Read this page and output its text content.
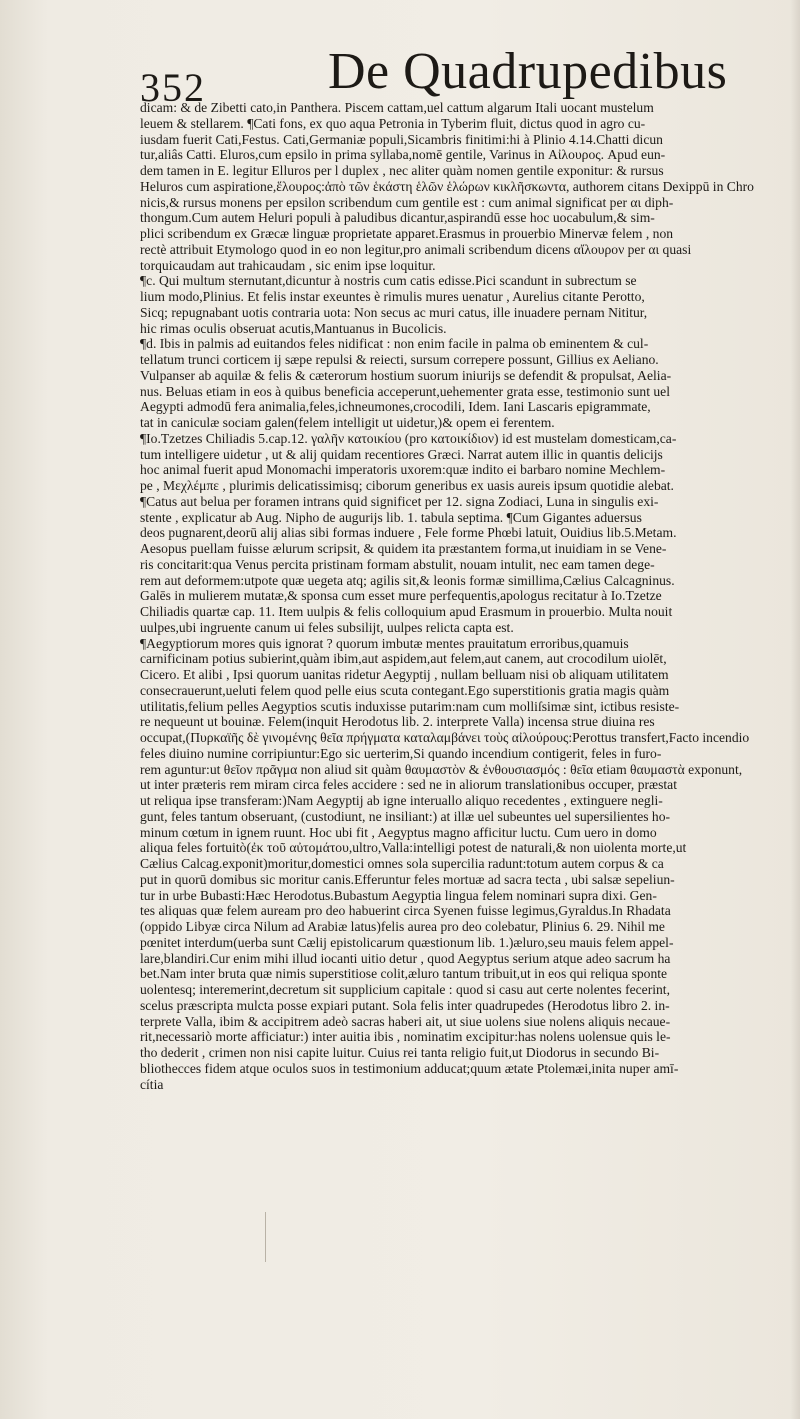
352 De Quadrupedibus
dicam: & de Zibetti cato,in Panthera. Piscem cattam,uel cattum algarum Itali uocant mustelum
leuem & stellarem. ¶Cati fons, ex quo aqua Petronia in Tyberim fluit, dictus quod in agro cu-
iusdam fuerit Cati,Festus. Cati,Germaniæ populi,Sicambris finitimi:hi à Plinio 4.14.Chatti dicun
tur,aliâs Catti. Eluros,cum epsilo in prima syllaba,nomē gentile, Varinus in Αἰλουρος. Apud eun-
dem tamen in E. legitur Elluros per l duplex , nec aliter quàm nomen gentile exponitur: & rursus
Heluros cum aspiratione,ἕλουρος:ἀπὸ τῶν ἑκάστη ἑλῶν ἑλώρων κικλῆσκωντα, authorem citans Dexippū in Chro
nicis,& rursus monens per epsilon scribendum cum gentile est : cum animal significat per αι diph-
thongum.Cum autem Heluri populi à paludibus dicantur,aspirandū esse hoc uocabulum,& sim-
plici scribendum ex Græcæ linguæ proprietate apparet.Erasmus in prouerbio Minervæ felem , non
rectè attribuit Etymologo quod in eo non legitur,pro animali scribendum dicens αἴλουρον per αι quasi
torquicaudam aut trahicaudam , sic enim ipse loquitur.
¶c. Qui multum sternutant,dicuntur à nostris cum catis edisse.Pici scandunt in subrectum se
lium modo,Plinius. Et felis instar exeuntes è rimulis mures uenatur , Aurelius citante Perotto,
Sicq; repugnabant uotis contraria uota: Non secus ac muri catus, ille inuadere pernam Nititur,
hic rimas oculis obseruat acutis,Mantuanus in Bucolicis.
¶d. Ibis in palmis ad euitandos feles nidificat : non enim facile in palma ob eminentem & cul-
tellatum trunci corticem ij sæpe repulsi & reiecti, sursum correpere possunt, Gillius ex Aeliano.
Vulpanser ab aquilæ & felis & cæterorum hostium suorum iniurijs se defendit & propulsat, Aelia-
nus. Beluas etiam in eos à quibus beneficia acceperunt,uehementer grata esse, testimonio sunt uel
Aegypti admodū fera animalia,feles,ichneumones,crocodili, Idem. Iani Lascaris epigrammate,
tat in caniculæ sociam galen(felem intelligit ut uidetur,)& opem ei ferentem.
¶Io.Tzetzes Chiliadis 5.cap.12. γαλῆν κατοικίου (pro κατοικίδιον) id est mustelam domesticam,ca-
tum intelligere uidetur , ut & alij quidam recentiores Græci. Narrat autem illic in quantis delicijs
hoc animal fuerit apud Monomachi imperatoris uxorem:quæ indito ei barbaro nomine Mechlem-
pe , Μεχλέμπε , plurimis delicatissimisq; ciborum generibus ex uasis aureis ipsum quotidie alebat.
¶Catus aut belua per foramen intrans quid significet per 12. signa Zodiaci, Luna in singulis exi-
stente , explicatur ab Aug. Nipho de augurijs lib. 1. tabula septima. ¶Cum Gigantes aduersus
deos pugnarent,deorū alij alias sibi formas induere , Fele forme Phœbi latuit, Ouidius lib.5.Metam.
Aesopus puellam fuisse ælurum scripsit, & quidem ita præstantem forma,ut inuidiam in se Vene-
ris concitarit:qua Venus percita pristinam formam abstulit, nouam intulit, nec eam tamen dege-
rem aut deformem:utpote quæ uegeta atq; agilis sit,& leonis formæ simillima,Cælius Calcagninus.
Galēs in mulierem mutatæ,& sponsa cum esset mure perfequentis,apologus recitatur à Io.Tzetze
Chiliadis quartæ cap. 11. Item uulpis & felis colloquium apud Erasmum in prouerbio. Multa nouit
uulpes,ubi ingruente canum ui feles subsilijt, uulpes relicta capta est.
¶Aegyptiorum mores quis ignorat ? quorum imbutæ mentes prauitatum erroribus,quamuis
carnificinam potius subierint,quàm ibim,aut aspidem,aut felem,aut canem, aut crocodilum uiolēt,
Cicero. Et alibi , Ipsi quorum uanitas ridetur Aegyptij , nullam belluam nisi ob aliquam utilitatem
consecrauerunt,ueluti felem quod pelle eius scuta contegant.Ego superstitionis gratia magis quàm
utilitatis,felium pelles Aegyptios scutis induxisse putarim:nam cum molliſsimæ sint, ictibus resiste-
re nequeunt ut bouinæ. Felem(inquit Herodotus lib. 2. interprete Valla) incensa strue diuina res
occupat,(Πυρκαϊῆς δὲ γινομένης θεῖα πρήγματα καταλαμβάνει τοὺς αἰλούρους:Perottus transfert,Facto incendio
feles diuino numine corripiuntur:Ego sic uerterim,Si quando incendium contigerit, feles in furo-
rem aguntur:ut θεῖον πρᾶγμα non aliud sit quàm θαυμαστὸν & ἐνθουσιασμός : θεῖα etiam θαυμαστὰ exponunt,
ut inter præteris rem miram circa feles accidere : sed ne in aliorum translationibus occuper, præstat
ut reliqua ipse transferam:)Nam Aegyptij ab igne interuallo aliquo recedentes , extinguere negli-
gunt, feles tantum obseruant, (custodiunt, ne insiliant:) at illæ uel subeuntes uel supersilientes ho-
minum cœtum in ignem ruunt. Hoc ubi fit , Aegyptus magno afficitur luctu. Cum uero in domo
aliqua feles fortuitò(ἐκ τοῦ αὐτομάτου,ultro,Valla:intelligi potest de naturali,& non uiolenta morte,ut
Cælius Calcag.exponit)moritur,domestici omnes sola supercilia radunt:totum autem corpus & ca
put in quorū domibus sic moritur canis.Efferuntur feles mortuæ ad sacra tecta , ubi salsæ sepeliun-
tur in urbe Bubasti:Hæc Herodotus.Bubastum Aegyptia lingua felem nominari supra dixi. Gen-
tes aliquas quæ felem auream pro deo habuerint circa Syenen fuisse legimus,Gyraldus.In Rhadata
(oppido Libyæ circa Nilum ad Arabiæ latus)felis aurea pro deo colebatur, Plinius 6. 29. Nihil me
pœnitet interdum(uerba sunt Cælij epistolicarum quæstionum lib. 1.)æluro,seu mauis felem appel-
lare,blandiri.Cur enim mihi illud iocanti uitio detur , quod Aegyptus serium atque adeo sacrum ha
bet.Nam inter bruta quæ nimis superstitiose colit,æluro tantum tribuit,ut in eos qui reliqua sponte
uolentesq; interemerint,decretum sit supplicium capitale : quod si casu aut certe nolentes fecerint,
scelus præscripta mulcta posse expiari putant. Sola felis inter quadrupedes (Herodotus libro 2. in-
terprete Valla, ibim & accipitrem adeò sacras haberi ait, ut siue uolens siue nolens aliquis necaue-
rit,necessariò morte afficiatur:) inter auitia ibis , nominatim excipitur:has nolens uolensue quis le-
tho dederit , crimen non nisi capite luitur. Cuius rei tanta religio fuit,ut Diodorus in secundo Bi-
bliothecces fidem atque oculos suos in testimonium adducat;quum ætate Ptolemæi,inita nuper amī-
cítia
